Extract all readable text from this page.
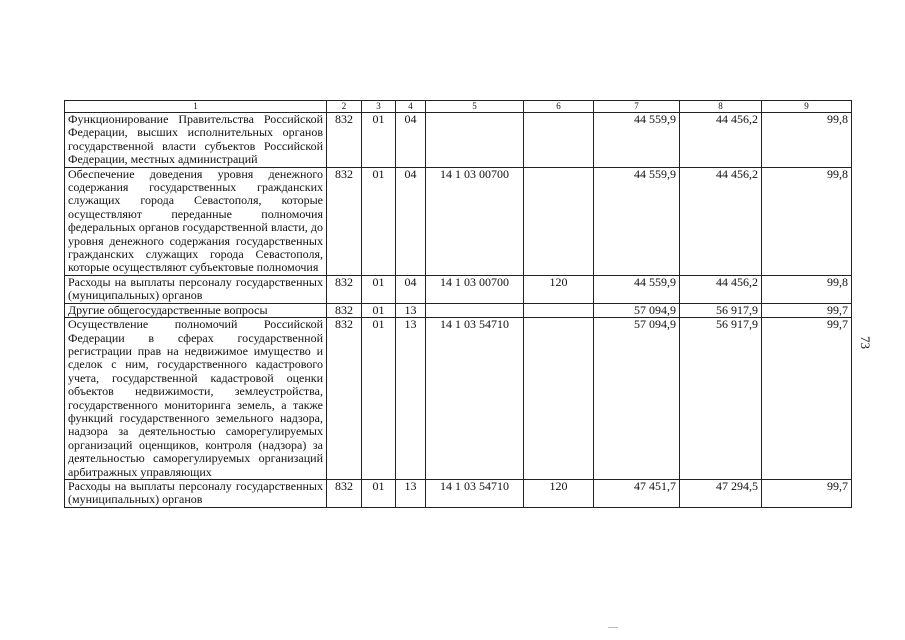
1	2	3	4	5	6	7	8	9
Функционирование Правительства Российской Федерации, высших исполнительных органов государственной власти субъектов Российской Федерации, местных администраций	832	01	04			44 559,9	44 456,2	99,8
Обеспечение доведения уровня денежного содержания государственных гражданских служащих города Севастополя, которые осуществляют переданные полномочия федеральных органов государственной власти, до уровня денежного содержания государственных гражданских служащих города Севастополя, которые осуществляют субъектовые полномочия	832	01	04	14 1 03 00700		44 559,9	44 456,2	99,8
Расходы на выплаты персоналу государственных (муниципальных) органов	832	01	04	14 1 03 00700	120	44 559,9	44 456,2	99,8
Другие общегосударственные вопросы	832	01	13			57 094,9	56 917,9	99,7
Осуществление полномочий Российской Федерации в сферах государственной регистрации прав на недвижимое имущество и сделок с ним, государственного кадастрового учета, государственной кадастровой оценки объектов недвижимости, землеустройства, государственного мониторинга земель, а также функций государственного земельного надзора, надзора за деятельностью саморегулируемых организаций оценщиков, контроля (надзора) за деятельностью саморегулируемых организаций арбитражных управляющих	832	01	13	14 1 03 54710		57 094,9	56 917,9	99,7
Расходы на выплаты персоналу государственных (муниципальных) органов	832	01	13	14 1 03 54710	120	47 451,7	47 294,5	99,7
73
